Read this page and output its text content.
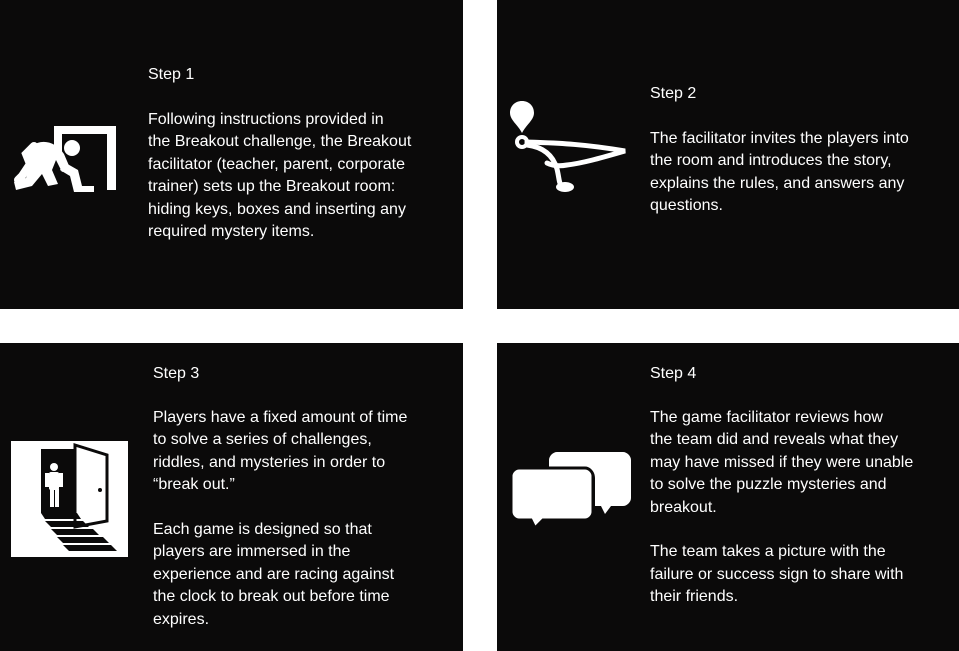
Step 1
Following instructions provided in
the Breakout challenge, the Breakout
facilitator (teacher, parent, corporate
trainer) sets up the Breakout room:
hiding keys, boxes and inserting any
required mystery items.
Step 2
The facilitator invites the players into
the room and introduces the story,
explains the rules, and answers any
questions.
Step 3
Players have a fixed amount of time
to solve a series of challenges,
riddles, and mysteries in order to
“break out.”

Each game is designed so that
players are immersed in the
experience and are racing against
the clock to break out before time
expires.
Step 4
The game facilitator reviews how
the team did and reveals what they
may have missed if they were unable
to solve the puzzle mysteries and
breakout.

The team takes a picture with the
failure or success sign to share with
their friends.
